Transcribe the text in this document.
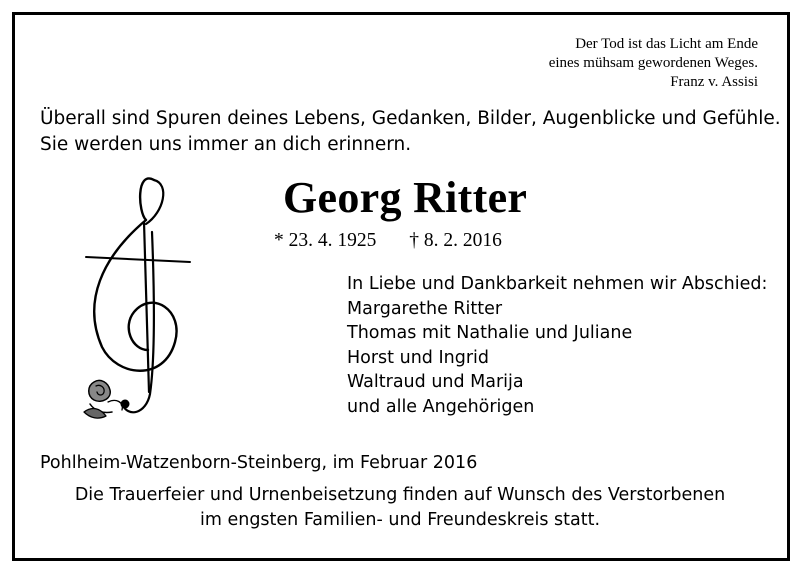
Der Tod ist das Licht am Ende
eines mühsam gewordenen Weges.
Franz v. Assisi
Überall sind Spuren deines Lebens, Gedanken, Bilder, Augenblicke und Gefühle.
Sie werden uns immer an dich erinnern.
Georg Ritter
* 23. 4. 1925 † 8. 2. 2016
In Liebe und Dankbarkeit nehmen wir Abschied:
Margarethe Ritter
Thomas mit Nathalie und Juliane
Horst und Ingrid
Waltraud und Marija
und alle Angehörigen
Pohlheim-Watzenborn-Steinberg, im Februar 2016
Die Trauerfeier und Urnenbeisetzung finden auf Wunsch des Verstorbenen
im engsten Familien- und Freundeskreis statt.
